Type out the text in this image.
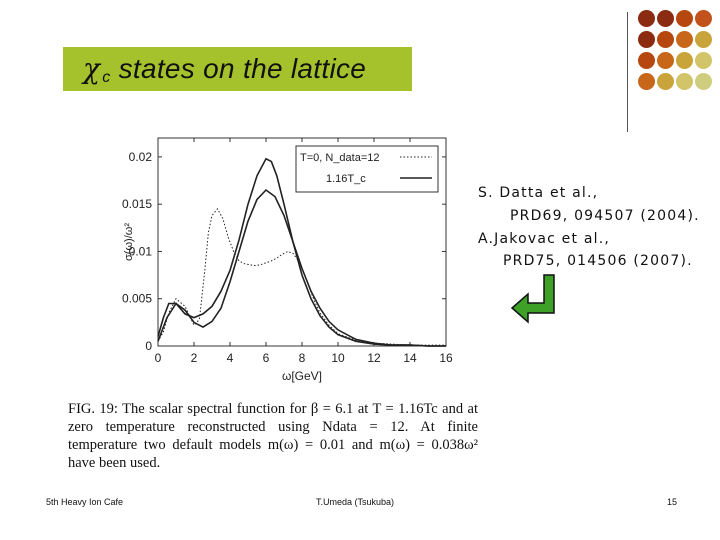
χc states on the lattice
0 2 4 6 8 10 12 14 16
0
0.005
0.01
0.015
0.02
ω[GeV]
σ(ω)/ω²
T=0, N_data=12
1.16T_c
S. Datta et al.,
PRD69, 094507 (2004).
A.Jakovac et al.,
PRD75, 014506 (2007).
FIG. 19: The scalar spectral function for β = 6.1 at T = 1.16Tc and at zero temperature reconstructed using Ndata = 12. At finite temperature two default models m(ω) = 0.01 and m(ω) = 0.038ω² have been used.
5th Heavy Ion Cafe	T.Umeda (Tsukuba)	15
